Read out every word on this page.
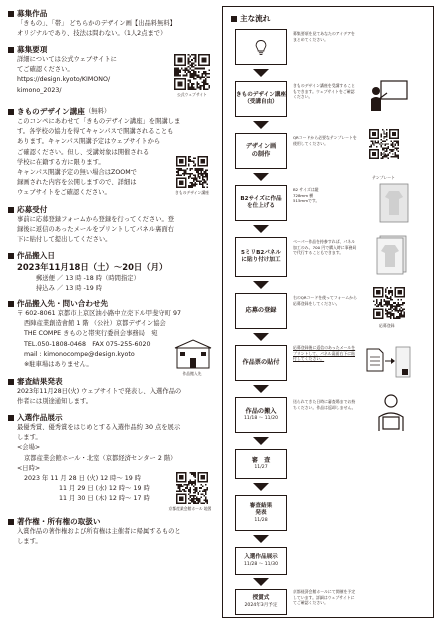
募集作品
「きもの」、「帯」 どちらかのデザイン画【出品料無料】
オリジナルであり、技法は問わない。（1人2点まで）
募集要項
詳細については公式ウェブサイトに
てご確認ください。
https://design.kyoto/KIMONO/
kimono_2023/
公式ウェブサイト
きものデザイン講座 （無料）
このコンペにあわせて「きものデザイン講座」を開講しま
す。各学校の協力を得てキャンパスで開講されることも
あります。キャンパス開講予定はウェブサイトから
ご確認ください。但し、受講対象は開催される
学校に在籍する方に限ります。
キャンパス開講予定の無い場合はZOOMで
録画された内容を公開しますので、詳細は
ウェブサイトをご確認ください。	きものデザイン講座
応募受付
事前に応募登録フォームから登録を行ってください。登
録後に返信のあったメールをプリントしてパネル裏面右
下に貼付して提出してください。
作品搬入日
2023年11月18日（土）〜20日（月）
郵送便 ／ 13 時 -18 時（時間指定）
持込み ／ 13 時 -19 時
作品搬入先・問い合わせ先
〒 602-8061 京都市上京区油小路中立売下ル甲斐守町 97
西陣産業創造會館 1 階 （公社）京都デザイン協会
THE COMPE きものと帯実行委員会事務局　宛
TEL.050-1808-0468　FAX 075-255-6020
mail : kimonocompe@design.kyoto
※駐車場はありません。
作品搬入先
審査結果発表
2023年11月28日(火) ウェブサイトで発表し、入選作品の
作者には別途通知します。
入選作品展示
最優秀賞、優秀賞をはじめとする入選作品約 30 点を展示
します。
<会場>
京都産業会館ホール・北室（京都経済センター 2 階）
<日時>
2023 年 11 月 28 日 (火) 12 時〜 19 時
11 月 29 日 (水) 12 時〜 19 時
11 月 30 日 (木) 12 時〜 17 時
京都産業会館ホール 地図
著作権・所有権の取扱い
入賞作品の著作権および所有権は主催者に帰属するものと
します。
主な流れ
募集要項を見てあなたのアイデアをまとめてください。
きものデザイン講座
（受講自由）
きものデザイン講座を受講することもできます。ウェブサイトをご確認ください。
デザイン画
の制作
QRコードから必要なテンプレートを使用してください。
テンプレート
B2サイズに作品
を仕上げる
B2 サイズは縦728mm 横515mmです。
5ミリB2パネル
に貼り付け加工
ベーパー作品を持参すれば、パネル加工のみ、700 円で購入時に事務局で代行することもできます。
応募の登録
右のQRコードを使ってフォームから応募登録をしてください。
応募登録
作品票の貼付
応募登録後に返信のあったメールをプリントして、パネル裏面右下に貼付してください。
作品の搬入
11/18 〜 11/20
送られてきた日時に審査場までお持ちください。作品は返却しません。
審　査
11/27
審査結果
発表
11/28
入選作品展示
11/28 〜 11/30
授賞式
2024年3月予定
京都経済会館ホールにて開催を予定しています。詳細はウェブサイトにてご確認ください。
